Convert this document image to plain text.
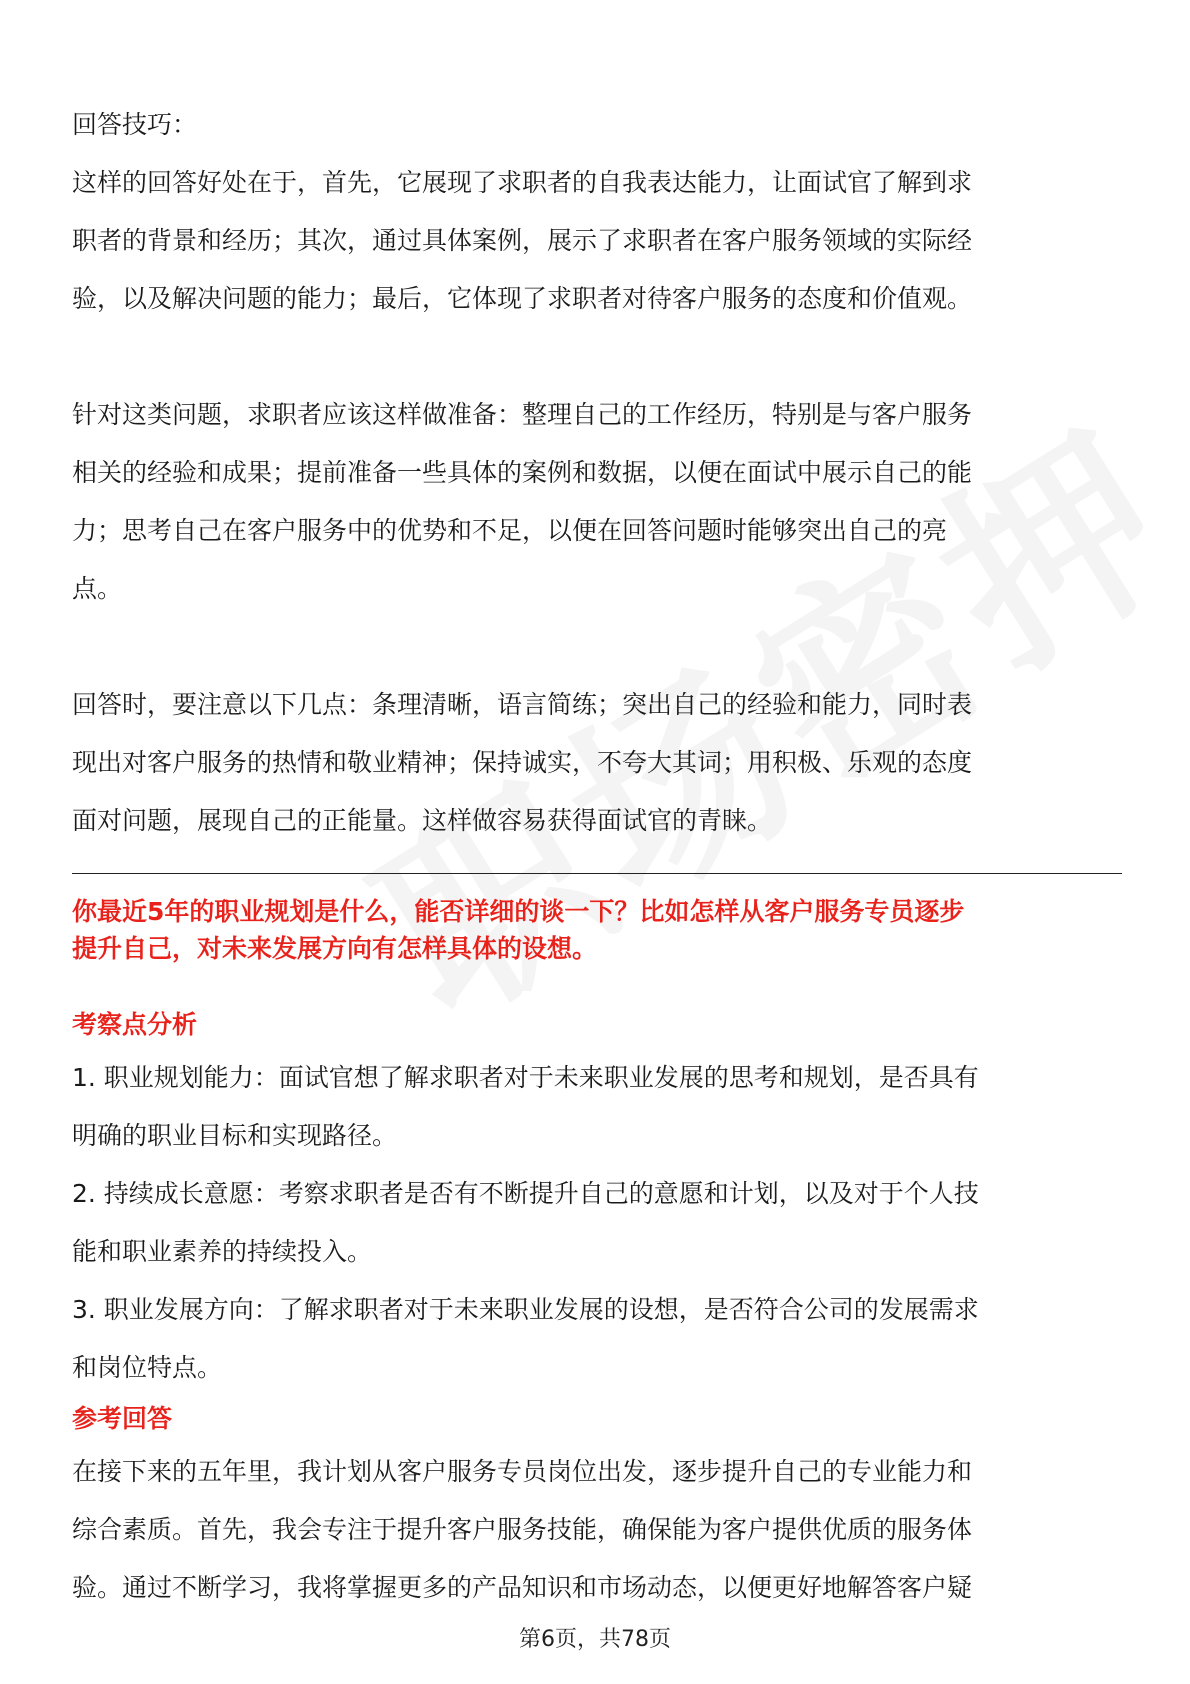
回答技巧：

这样的回答好处在于，首先，它展现了求职者的自我表达能力，让面试官了解到求

职者的背景和经历；其次，通过具体案例，展示了求职者在客户服务领域的实际经

验，以及解决问题的能力；最后，它体现了求职者对待客户服务的态度和价值观。

针对这类问题，求职者应该这样做准备：整理自己的工作经历，特别是与客户服务

相关的经验和成果；提前准备一些具体的案例和数据，以便在面试中展示自己的能

力；思考自己在客户服务中的优势和不足，以便在回答问题时能够突出自己的亮

点。

回答时，要注意以下几点：条理清晰，语言简练；突出自己的经验和能力，同时表

现出对客户服务的热情和敬业精神；保持诚实，不夸大其词；用积极、乐观的态度

面对问题，展现自己的正能量。这样做容易获得面试官的青睐。

你最近5年的职业规划是什么，能否详细的谈一下？比如怎样从客户服务专员逐步
提升自己，对未来发展方向有怎样具体的设想。
考察点分析

1. 职业规划能力：面试官想了解求职者对于未来职业发展的思考和规划，是否具有

明确的职业目标和实现路径。

2. 持续成长意愿：考察求职者是否有不断提升自己的意愿和计划，以及对于个人技

能和职业素养的持续投入。

3. 职业发展方向：了解求职者对于未来职业发展的设想，是否符合公司的发展需求

和岗位特点。

参考回答

在接下来的五年里，我计划从客户服务专员岗位出发，逐步提升自己的专业能力和

综合素质。首先，我会专注于提升客户服务技能，确保能为客户提供优质的服务体

验。通过不断学习，我将掌握更多的产品知识和市场动态，以便更好地解答客户疑

第6页，共78页
